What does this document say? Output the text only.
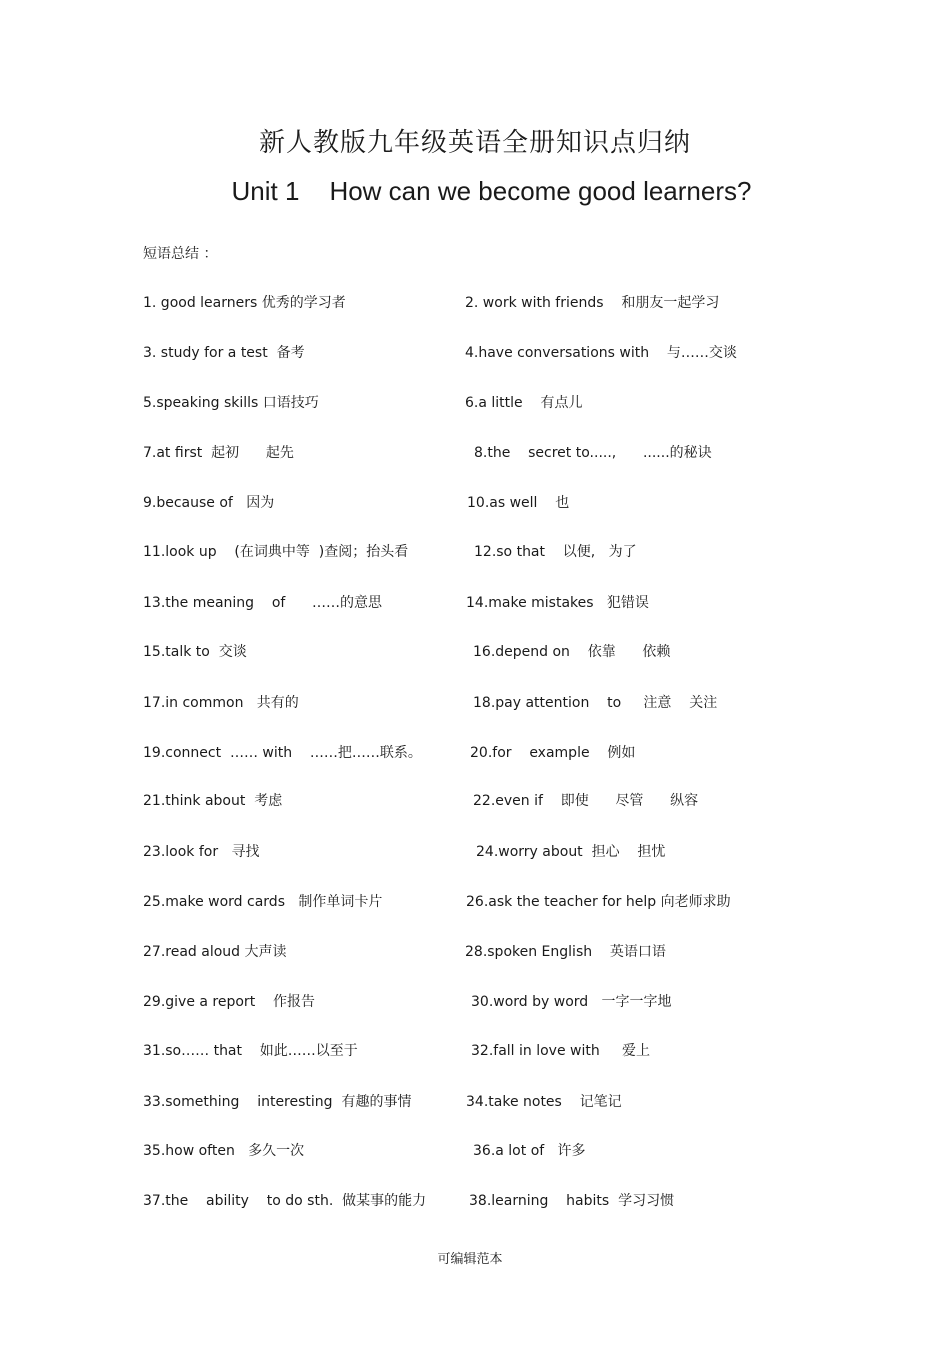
新人教版九年级英语全册知识点归纳
Unit 1 How can we become good learners?
短语总结 ：
1. good learners 优秀的学习者	2. work with friends    和朋友一起学习
3. study for a test  备考	4.have conversations with    与……交谈
5.speaking skills 口语技巧	6.a little    有点儿
7.at first  起初      起先	8.the    secret to.....,      ......的秘诀
9.because of   因为	10.as well    也
11.look up    (在词典中等  )查阅；抬头看	12.so that    以便,   为了
13.the meaning    of      ……的意思	14.make mistakes   犯错误
15.talk to  交谈	16.depend on    依靠      依赖
17.in common   共有的	18.pay attention    to     注意    关注
19.connect  …… with    ……把……联系。	20.for    example    例如
21.think about  考虑	22.even if    即使      尽管      纵容
23.look for   寻找	24.worry about  担心    担忧
25.make word cards   制作单词卡片	26.ask the teacher for help 向老师求助
27.read aloud 大声读	28.spoken English    英语口语
29.give a report    作报告	30.word by word   一字一字地
31.so…… that    如此……以至于	32.fall in love with     爱上
33.something    interesting  有趣的事情	34.take notes    记笔记
35.how often   多久一次	36.a lot of   许多
37.the    ability    to do sth.  做某事的能力	38.learning    habits  学习习惯
可编辑范本
